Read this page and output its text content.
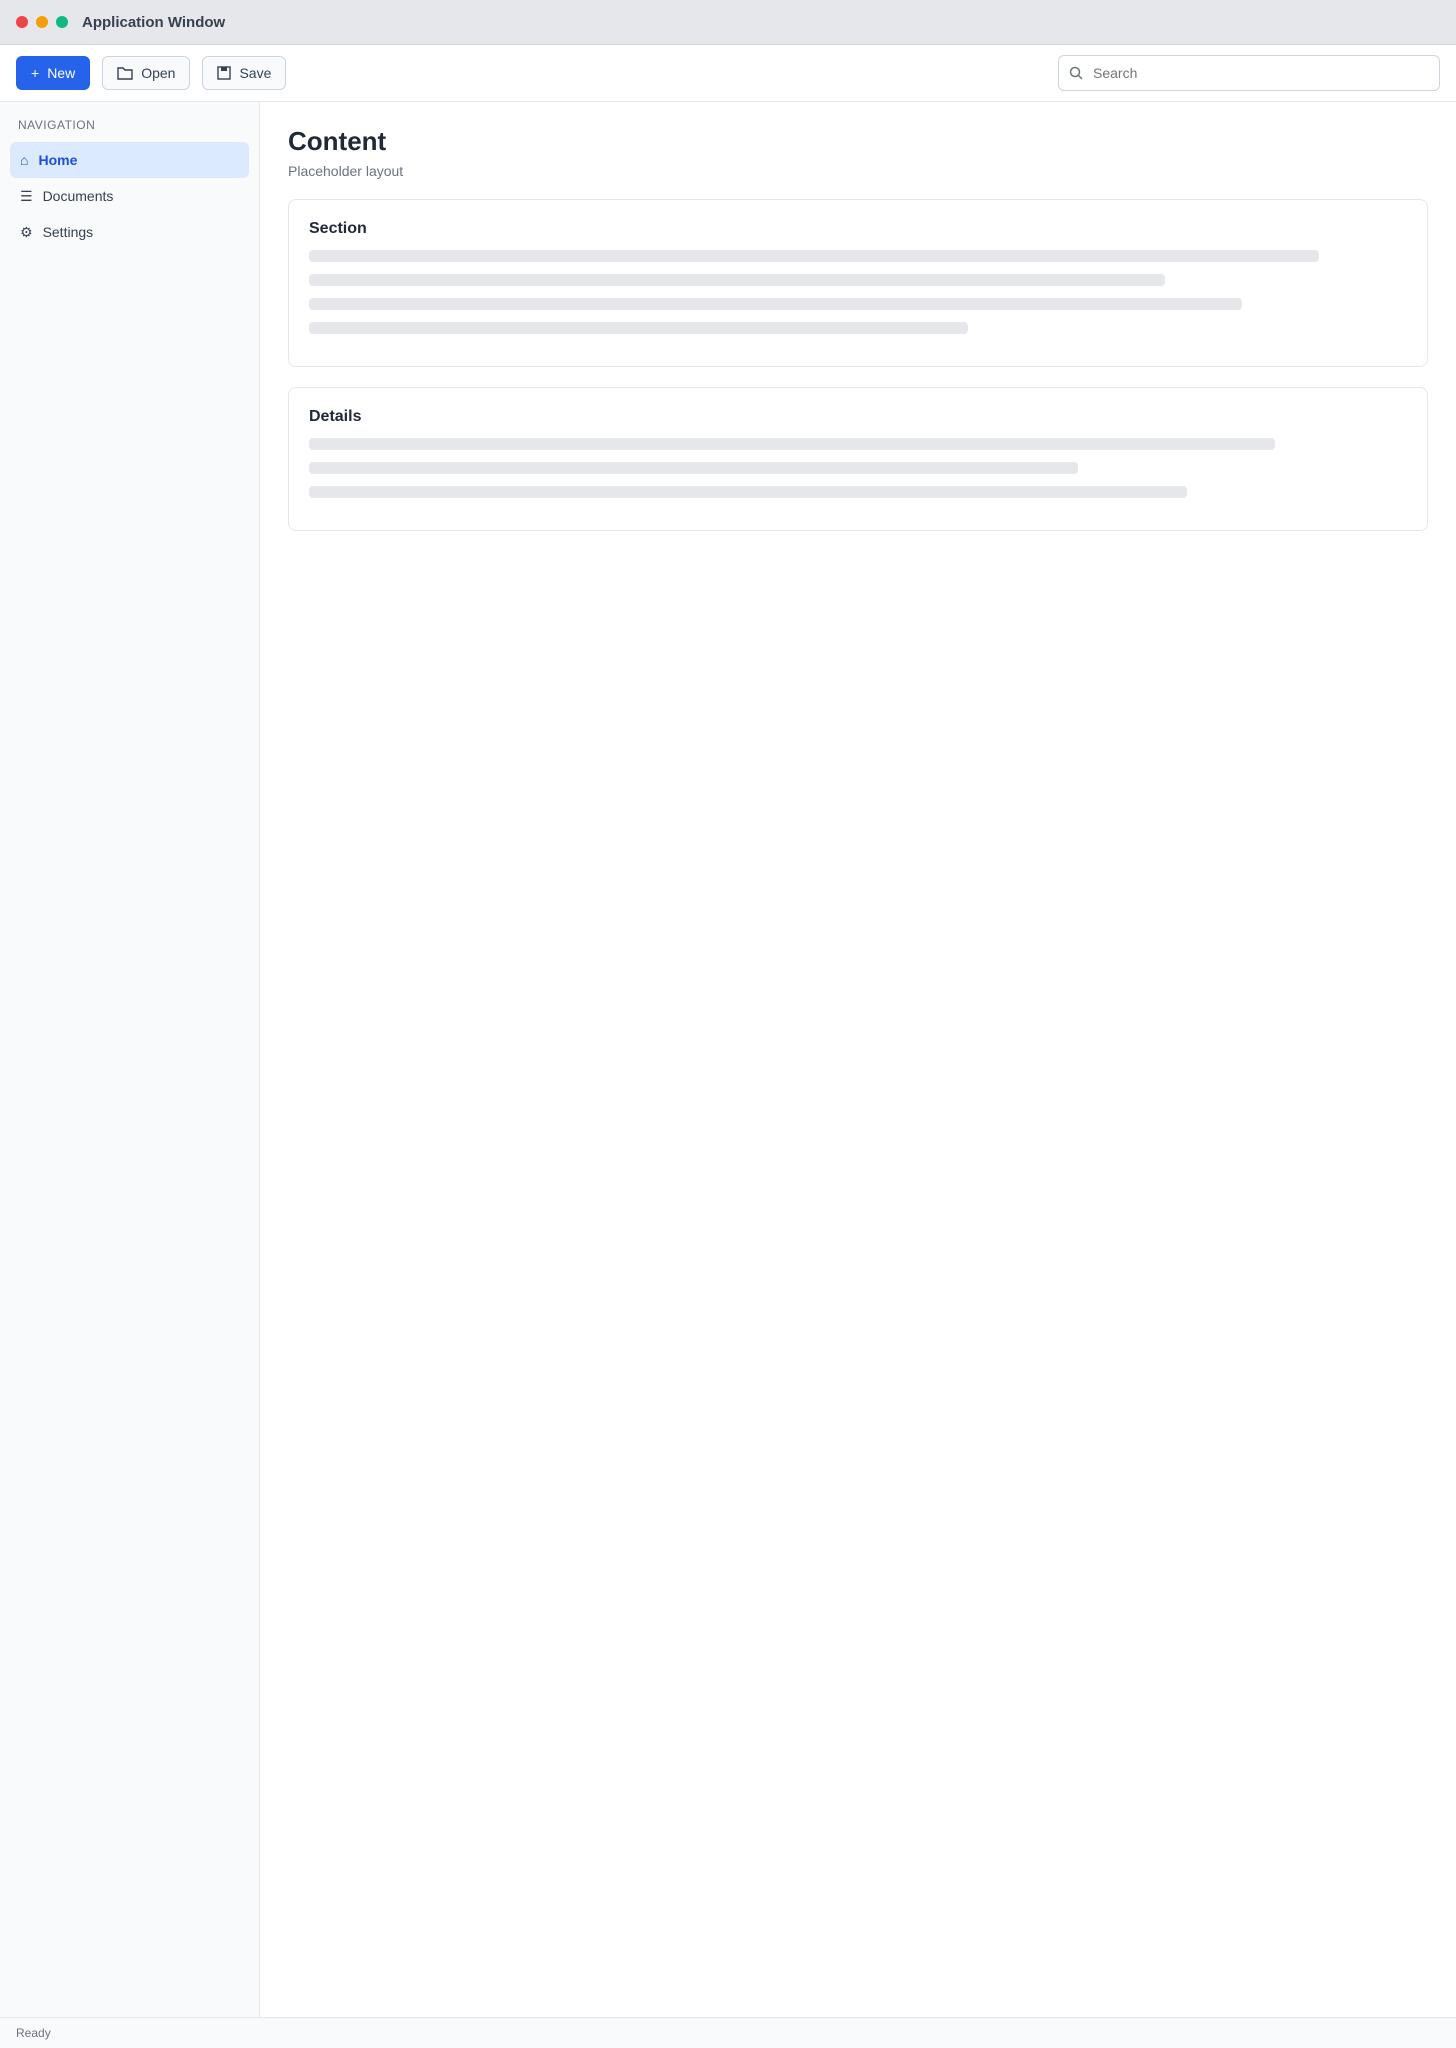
Application Window
+ New	Open	Save
Search
NAVIGATION
⌂ Home
☰ Documents
⚙ Settings
Content

Placeholder layout

Section
Details
Ready
